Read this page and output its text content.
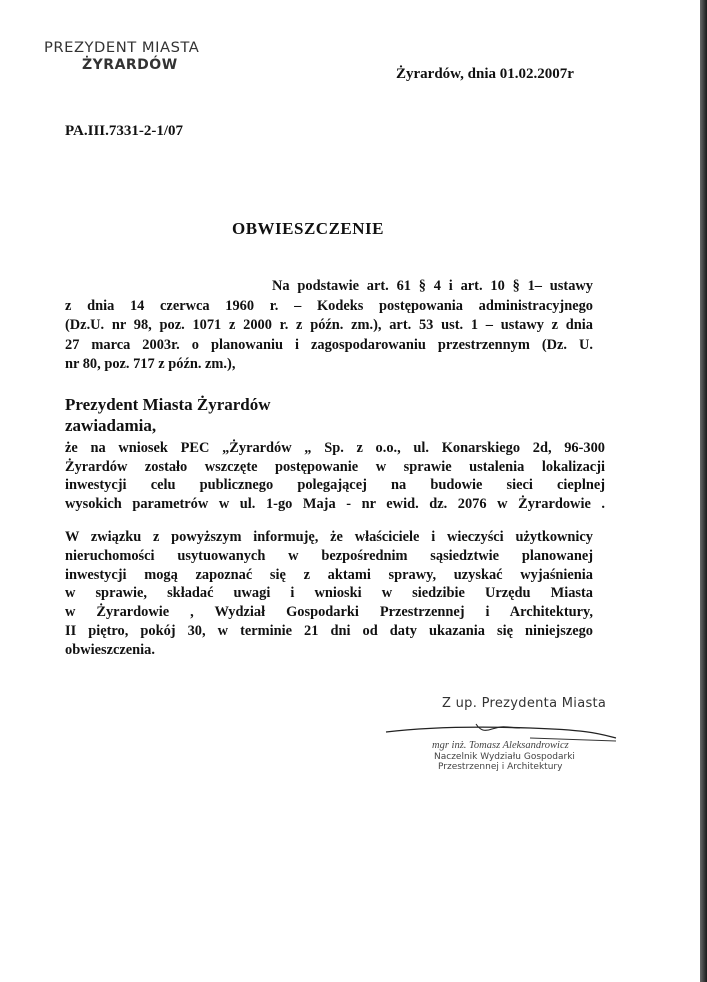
PREZYDENT MIASTA
ŻYRARDÓW
Żyrardów, dnia 01.02.2007r
PA.III.7331-2-1/07
OBWIESZCZENIE
Na podstawie art. 61 § 4 i art. 10 § 1– ustawy
z dnia 14 czerwca 1960 r. – Kodeks postępowania administracyjnego
(Dz.U. nr 98, poz. 1071 z 2000 r. z późn. zm.), art. 53 ust. 1 – ustawy z dnia
27 marca 2003r. o planowaniu i zagospodarowaniu przestrzennym (Dz. U.
nr 80, poz. 717 z późn. zm.),
Prezydent Miasta Żyrardów
zawiadamia,
że na wniosek PEC „Żyrardów „ Sp. z o.o., ul. Konarskiego 2d, 96-300
Żyrardów zostało wszczęte postępowanie w sprawie ustalenia lokalizacji
inwestycji celu publicznego polegającej na budowie sieci cieplnej
wysokich parametrów w ul. 1-go Maja - nr ewid. dz. 2076 w Żyrardowie .
W związku z powyższym informuję, że właściciele i wieczyści użytkownicy
nieruchomości usytuowanych w bezpośrednim sąsiedztwie planowanej
inwestycji mogą zapoznać się z aktami sprawy, uzyskać wyjaśnienia
w sprawie, składać uwagi i wnioski w siedzibie Urzędu Miasta
w Żyrardowie , Wydział Gospodarki Przestrzennej i Architektury,
II piętro, pokój 30, w terminie 21 dni od daty ukazania się niniejszego
obwieszczenia.
Z up. Prezydenta Miasta
mgr inż. Tomasz Aleksandrowicz
Naczelnik Wydziału Gospodarki
Przestrzennej i Architektury
